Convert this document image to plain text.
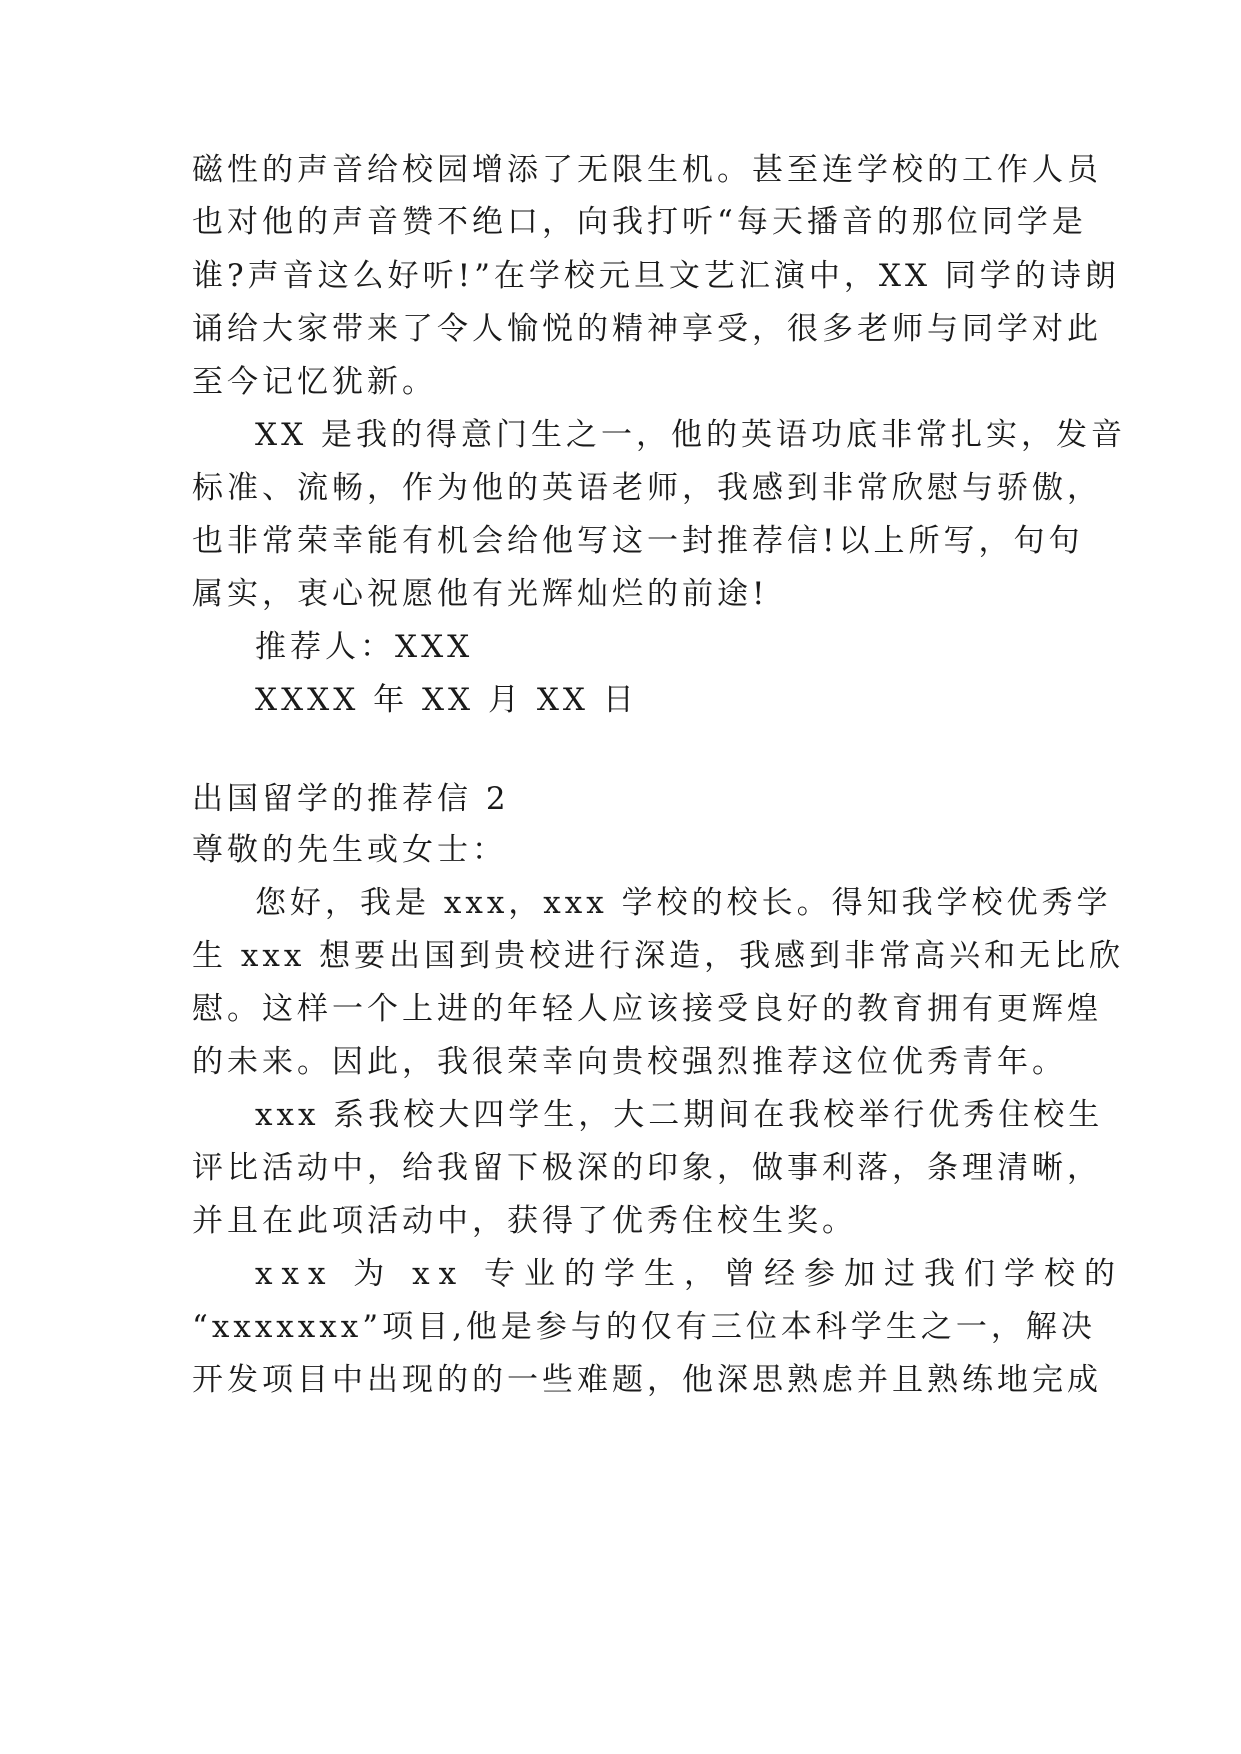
磁性的声音给校园增添了无限生机。甚至连学校的工作人员
也对他的声音赞不绝口，向我打听“每天播音的那位同学是
谁?声音这么好听!”在学校元旦文艺汇演中，XX 同学的诗朗
诵给大家带来了令人愉悦的精神享受，很多老师与同学对此
至今记忆犹新。
XX 是我的得意门生之一，他的英语功底非常扎实，发音
标准、流畅，作为他的英语老师，我感到非常欣慰与骄傲，
也非常荣幸能有机会给他写这一封推荐信!以上所写，句句
属实，衷心祝愿他有光辉灿烂的前途!
推荐人：XXX
XXXX 年 XX 月 XX 日
出国留学的推荐信 2
尊敬的先生或女士：
您好，我是 xxx，xxx 学校的校长。得知我学校优秀学
生 xxx 想要出国到贵校进行深造，我感到非常高兴和无比欣
慰。这样一个上进的年轻人应该接受良好的教育拥有更辉煌
的未来。因此，我很荣幸向贵校强烈推荐这位优秀青年。
xxx 系我校大四学生，大二期间在我校举行优秀住校生
评比活动中，给我留下极深的印象，做事利落，条理清晰，
并且在此项活动中，获得了优秀住校生奖。
xxx 为 xx 专业的学生，曾经参加过我们学校的
“xxxxxxx”项目,他是参与的仅有三位本科学生之一，解决
开发项目中出现的的一些难题，他深思熟虑并且熟练地完成
